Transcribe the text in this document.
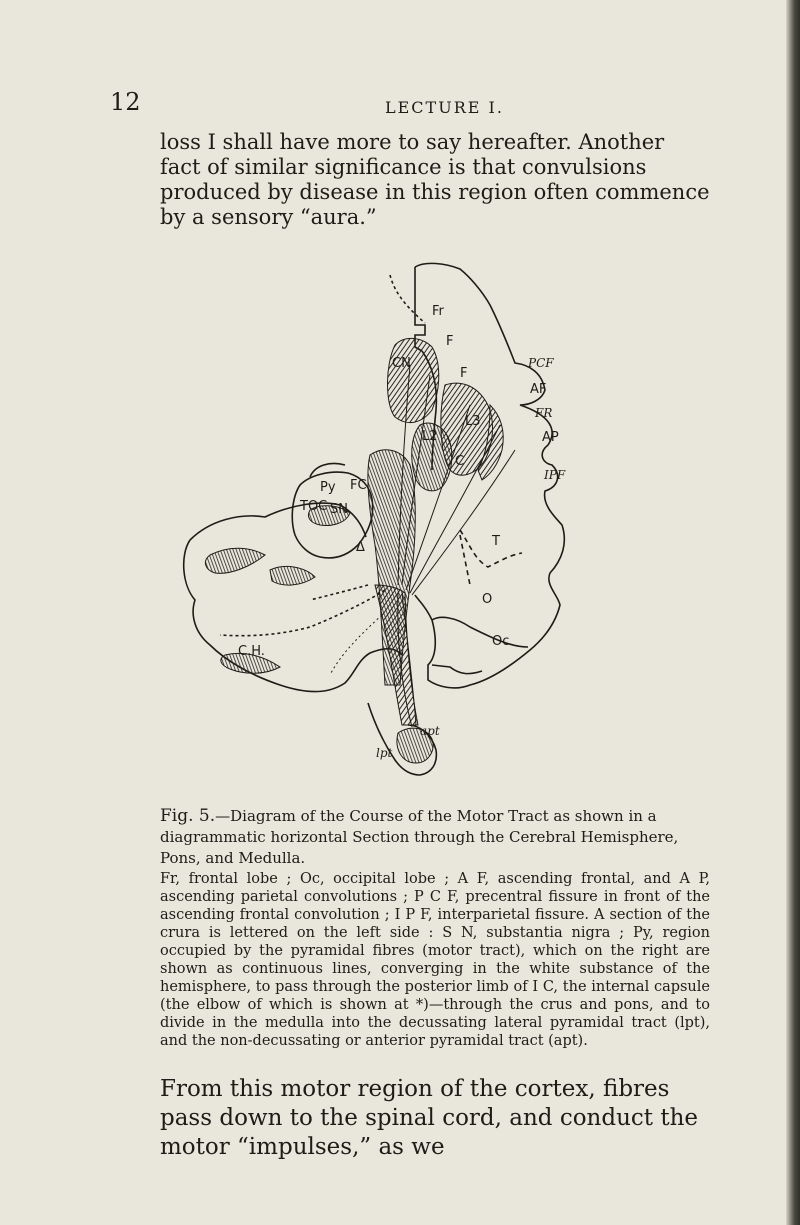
12	LECTURE I.

loss I shall have more to say hereafter. Another fact of similar significance is that convulsions produced by disease in this region often commence by a sensory “aura.”

Fr
F
F
CN
L3
L2
C
PCF
AF
FR
AP
IPF
Py FC
TOC SN
Δ	T
O
Oc
C.H.
apt
lpt

Fig. 5.—Diagram of the Course of the Motor Tract as shown in a diagrammatic horizontal Section through the Cerebral Hemisphere, Pons, and Medulla.

Fr, frontal lobe ; Oc, occipital lobe ; A F, ascending frontal, and A P, ascending parietal convolutions ; P C F, precentral fissure in front of the ascending frontal convolution ; I P F, interparietal fissure. A section of the crura is lettered on the left side : S N, substantia nigra ; Py, region occupied by the pyramidal fibres (motor tract), which on the right are shown as continuous lines, converging in the white substance of the hemisphere, to pass through the posterior limb of I C, the internal capsule (the elbow of which is shown at *)—through the crus and pons, and to divide in the medulla into the decussating lateral pyramidal tract (lpt), and the non-decussating or anterior pyramidal tract (apt).

From this motor region of the cortex, fibres pass down to the spinal cord, and conduct the motor “impulses,” as we
